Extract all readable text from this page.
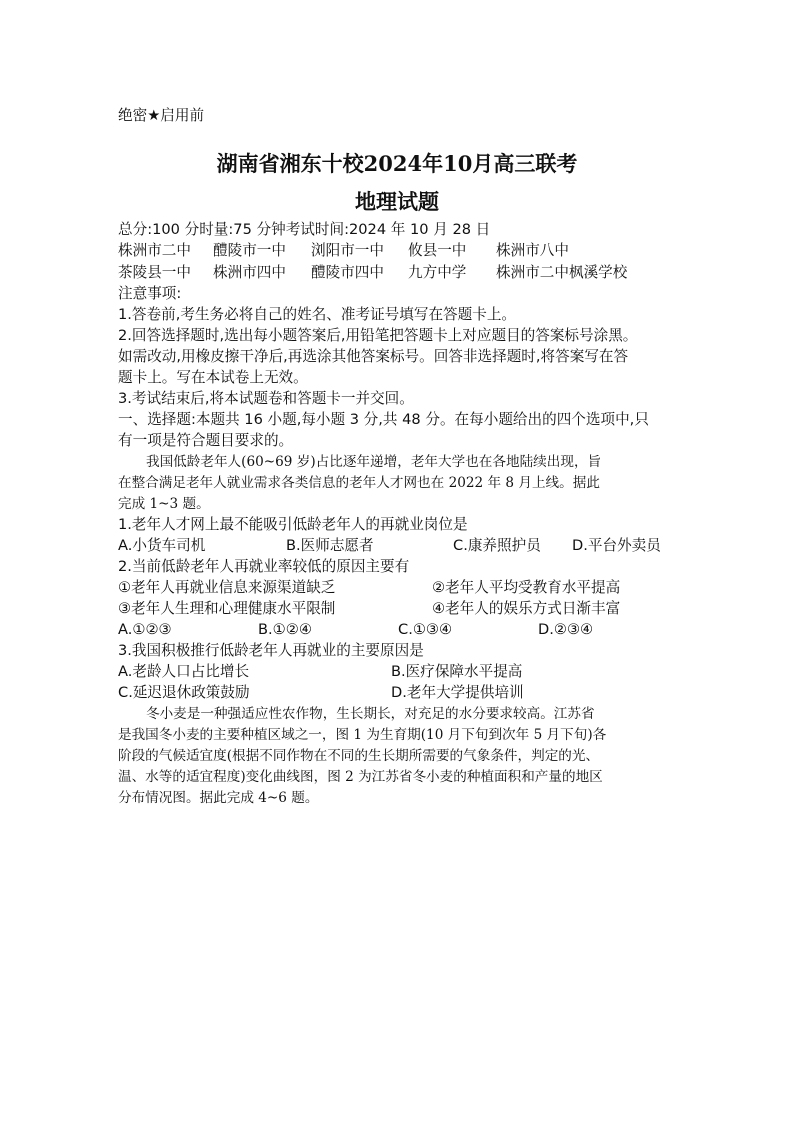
绝密★启用前
湖南省湘东十校2024年10月高三联考
地理试题
总分:100 分时量:75 分钟考试时间:2024 年 10 月 28 日
株洲市二中 醴陵市一中 浏阳市一中 攸县一中 株洲市八中
茶陵县一中 株洲市四中 醴陵市四中 九方中学 株洲市二中枫溪学校
注意事项:
1.答卷前,考生务必将自己的姓名、准考证号填写在答题卡上。
2.回答选择题时,选出每小题答案后,用铅笔把答题卡上对应题目的答案标号涂黑。
如需改动,用橡皮擦干净后,再选涂其他答案标号。回答非选择题时,将答案写在答
题卡上。写在本试卷上无效。
3.考试结束后,将本试题卷和答题卡一并交回。
一、选择题:本题共 16 小题,每小题 3 分,共 48 分。在每小题给出的四个选项中,只
有一项是符合题目要求的。
我国低龄老年人(60~69 岁)占比逐年递增，老年大学也在各地陆续出现，旨
在整合满足老年人就业需求各类信息的老年人才网也在 2022 年 8 月上线。据此
完成 1~3 题。
1.老年人才网上最不能吸引低龄老年人的再就业岗位是
A.小货车司机	B.医师志愿者	C.康养照护员 D.平台外卖员
2.当前低龄老年人再就业率较低的原因主要有
①老年人再就业信息来源渠道缺乏	②老年人平均受教育水平提高
③老年人生理和心理健康水平限制	④老年人的娱乐方式日渐丰富
A.①②③	B.①②④	C.①③④	D.②③④
3.我国积极推行低龄老年人再就业的主要原因是
A.老龄人口占比增长	B.医疗保障水平提高
C.延迟退休政策鼓励	D.老年大学提供培训
冬小麦是一种强适应性农作物，生长期长，对充足的水分要求较高。江苏省
是我国冬小麦的主要种植区域之一，图 1 为生育期(10 月下旬到次年 5 月下旬)各
阶段的气候适宜度(根据不同作物在不同的生长期所需要的气象条件，判定的光、
温、水等的适宜程度)变化曲线图，图 2 为江苏省冬小麦的种植面积和产量的地区
分布情况图。据此完成 4~6 题。
